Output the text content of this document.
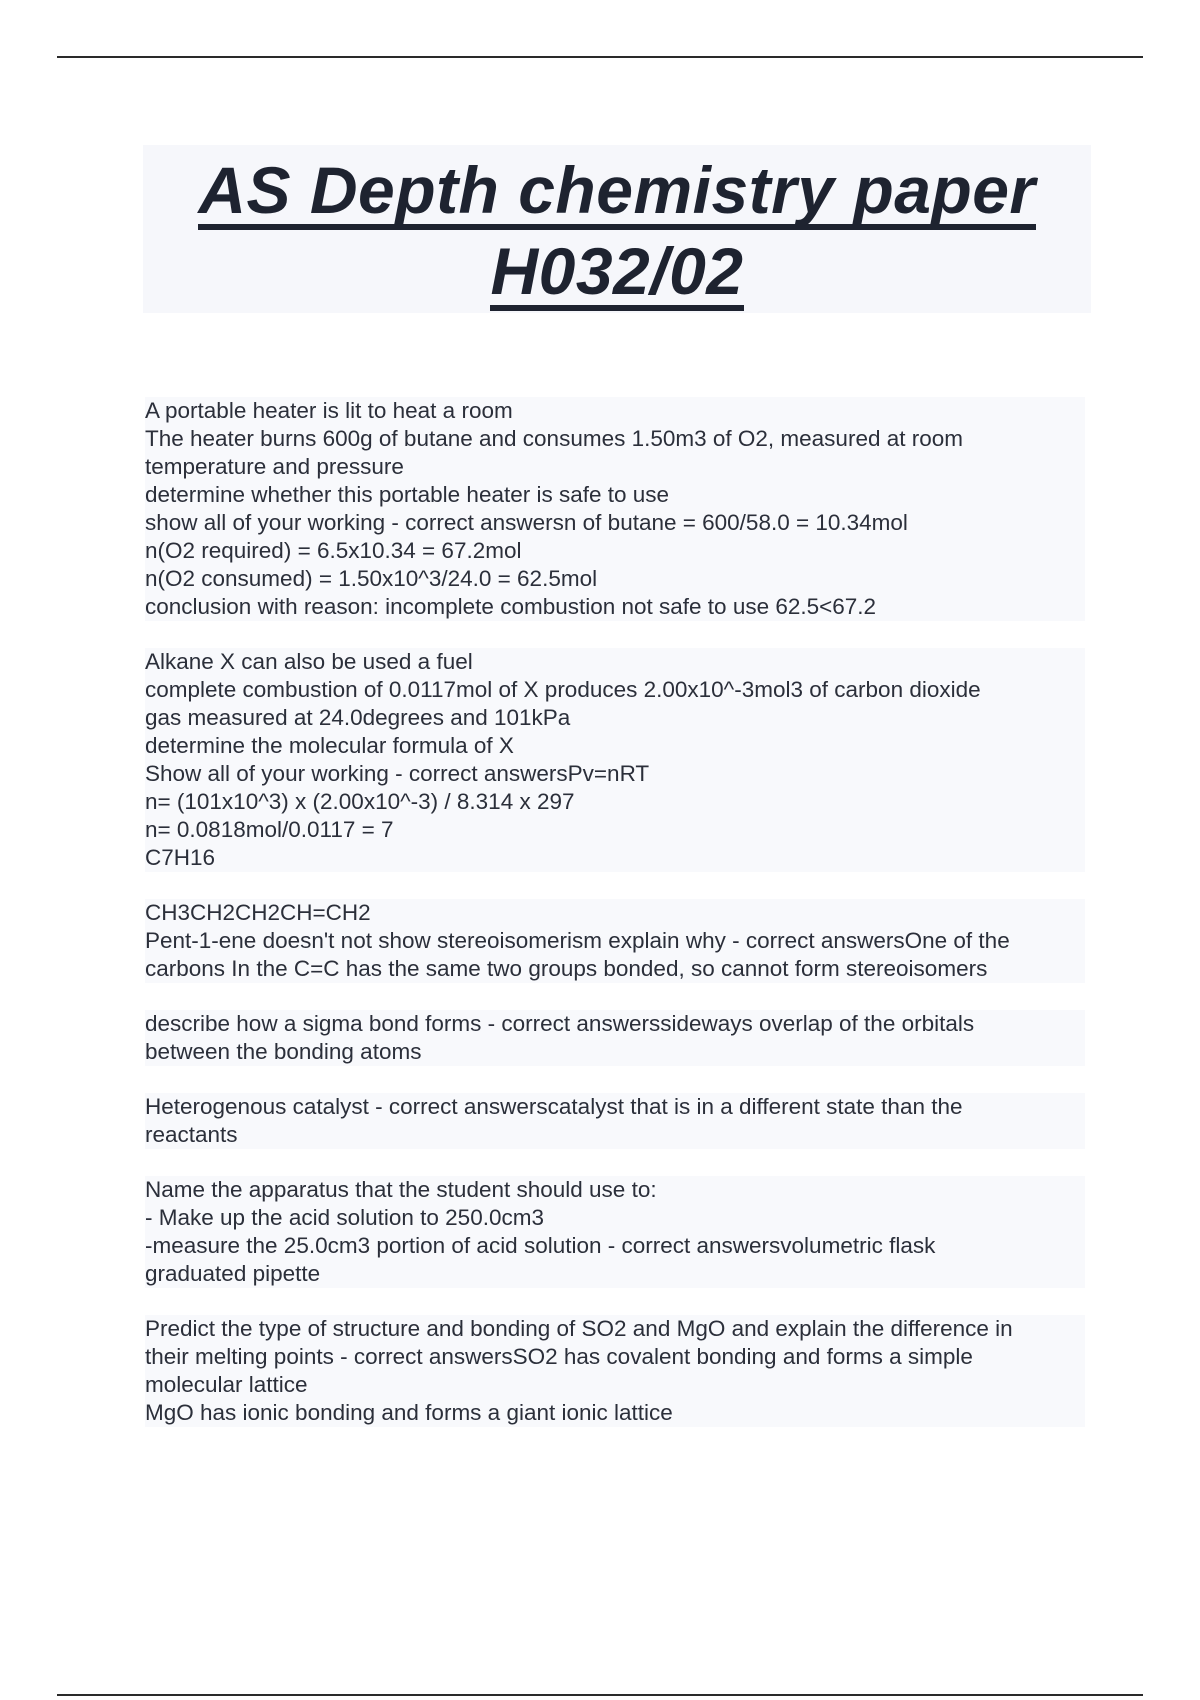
AS Depth chemistry paper
H032/02
A portable heater is lit to heat a room
The heater burns 600g of butane and consumes 1.50m3 of O2, measured at room
temperature and pressure
determine whether this portable heater is safe to use
show all of your working - correct answersn of butane = 600/58.0 = 10.34mol
n(O2 required) = 6.5x10.34 = 67.2mol
n(O2 consumed) = 1.50x10^3/24.0 = 62.5mol
conclusion with reason: incomplete combustion not safe to use 62.5<67.2
Alkane X can also be used a fuel
complete combustion of 0.0117mol of X produces 2.00x10^-3mol3 of carbon dioxide
gas measured at 24.0degrees and 101kPa
determine the molecular formula of X
Show all of your working - correct answersPv=nRT
n= (101x10^3) x (2.00x10^-3) / 8.314 x 297
n= 0.0818mol/0.0117 = 7
C7H16
CH3CH2CH2CH=CH2
Pent-1-ene doesn't not show stereoisomerism explain why - correct answersOne of the
carbons In the C=C has the same two groups bonded, so cannot form stereoisomers
describe how a sigma bond forms - correct answerssideways overlap of the orbitals
between the bonding atoms
Heterogenous catalyst - correct answerscatalyst that is in a different state than the
reactants
Name the apparatus that the student should use to:
- Make up the acid solution to 250.0cm3
-measure the 25.0cm3 portion of acid solution - correct answersvolumetric flask
graduated pipette
Predict the type of structure and bonding of SO2 and MgO and explain the difference in
their melting points - correct answersSO2 has covalent bonding and forms a simple
molecular lattice
MgO has ionic bonding and forms a giant ionic lattice
